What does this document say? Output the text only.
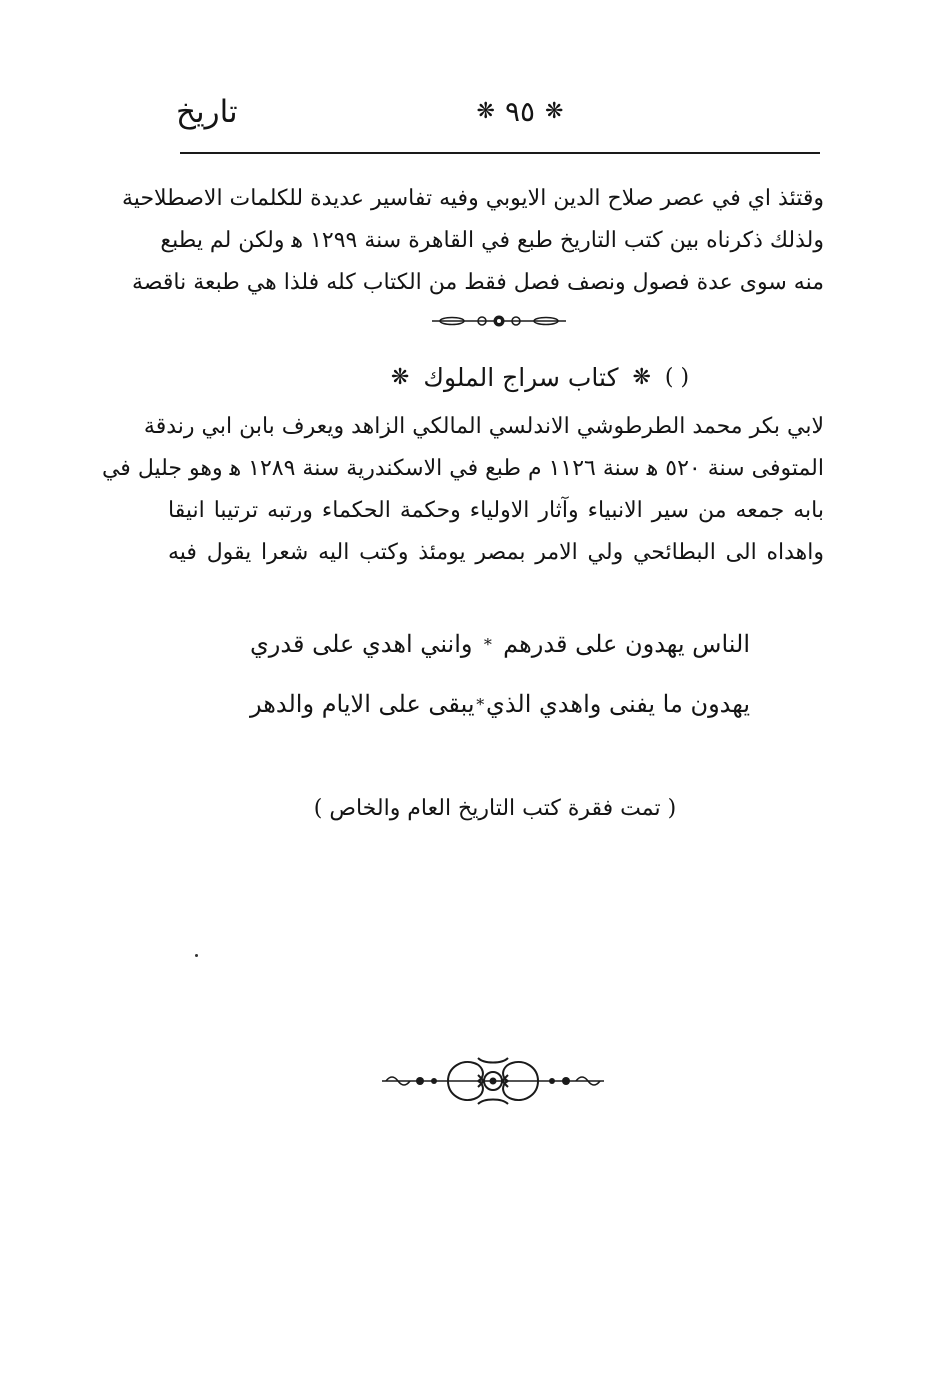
تاريخ	❋ ٩٥ ❋
وقتئذ اي في عصر صلاح الدين الايوبي وفيه تفاسير عديدة للكلمات الاصطلاحية
ولذلك ذكرناه بين كتب التاريخ طبع في القاهرة سنة ١٢٩٩ ه‍ ولكن لم يطبع
منه سوى عدة فصول ونصف فصل فقط من الكتاب كله فلذا هي طبعة ناقصة
( )
❋
كتاب سراج الملوك
❋
لابي بكر محمد الطرطوشي الاندلسي المالكي الزاهد ويعرف بابن ابي رندقة
المتوفى سنة ٥٢٠ ه‍ سنة ١١٢٦ م طبع في الاسكندرية سنة ١٢٨٩ ه‍ وهو جليل في
بابه جمعه من سير الانبياء وآثار الاولياء وحكمة الحكماء ورتبه ترتيبا انيقا
واهداه الى البطائحي ولي الامر بمصر يومئذ وكتب اليه شعرا يقول فيه
الناس يهدون على قدرهم
*
وانني اهدي على قدري
يهدون ما يفنى واهدي الذي
*
يبقى على الايام والدهر
( تمت فقرة كتب التاريخ العام والخاص )
